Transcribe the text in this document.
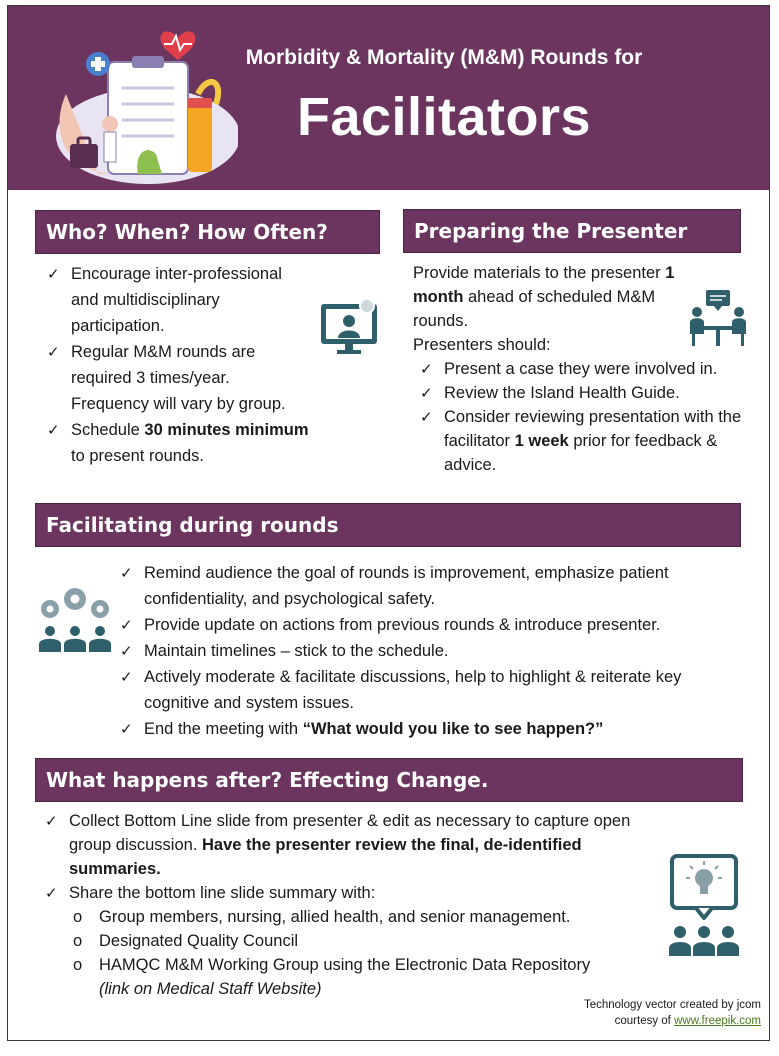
Morbidity & Mortality (M&M) Rounds for
Facilitators
Who? When? How Often?
✓ Encourage inter-professional and multidisciplinary participation.
✓ Regular M&M rounds are required 3 times/year. Frequency will vary by group.
✓ Schedule 30 minutes minimum to present rounds.
Preparing the Presenter
Provide materials to the presenter 1 month ahead of scheduled M&M rounds.
Presenters should:
✓ Present a case they were involved in.
✓ Review the Island Health Guide.
✓ Consider reviewing presentation with the facilitator 1 week prior for feedback & advice.
Facilitating during rounds
✓ Remind audience the goal of rounds is improvement, emphasize patient confidentiality, and psychological safety.
✓ Provide update on actions from previous rounds & introduce presenter.
✓ Maintain timelines – stick to the schedule.
✓ Actively moderate & facilitate discussions, help to highlight & reiterate key cognitive and system issues.
✓ End the meeting with “What would you like to see happen?”
What happens after? Effecting Change.
✓ Collect Bottom Line slide from presenter & edit as necessary to capture open group discussion. Have the presenter review the final, de-identified summaries.
✓ Share the bottom line slide summary with:
o Group members, nursing, allied health, and senior management.
o Designated Quality Council
o HAMQC M&M Working Group using the Electronic Data Repository
(link on Medical Staff Website)
Technology vector created by jcom
courtesy of www.freepik.com
